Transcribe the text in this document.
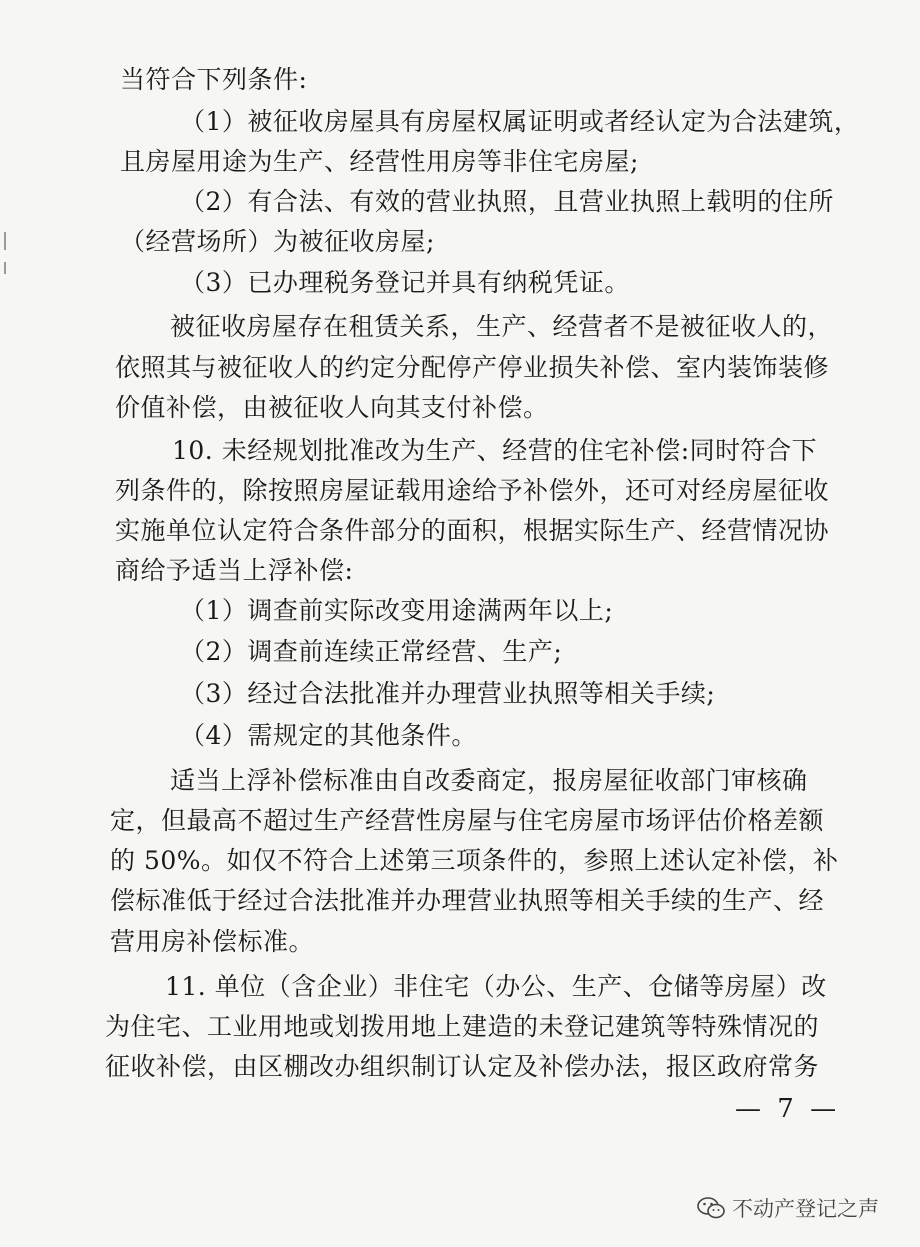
当符合下列条件:
（1）被征收房屋具有房屋权属证明或者经认定为合法建筑，
且房屋用途为生产、经营性用房等非住宅房屋;
（2）有合法、有效的营业执照，且营业执照上载明的住所
（经营场所）为被征收房屋;
（3）已办理税务登记并具有纳税凭证。
被征收房屋存在租赁关系，生产、经营者不是被征收人的，
依照其与被征收人的约定分配停产停业损失补偿、室内装饰装修
价值补偿，由被征收人向其支付补偿。
10. 未经规划批准改为生产、经营的住宅补偿:同时符合下
列条件的，除按照房屋证载用途给予补偿外，还可对经房屋征收
实施单位认定符合条件部分的面积，根据实际生产、经营情况协
商给予适当上浮补偿:
（1）调查前实际改变用途满两年以上;
（2）调查前连续正常经营、生产;
（3）经过合法批准并办理营业执照等相关手续;
（4）需规定的其他条件。
适当上浮补偿标准由自改委商定，报房屋征收部门审核确
定，但最高不超过生产经营性房屋与住宅房屋市场评估价格差额
的 50%。如仅不符合上述第三项条件的，参照上述认定补偿，补
偿标准低于经过合法批准并办理营业执照等相关手续的生产、经
营用房补偿标准。
11. 单位（含企业）非住宅（办公、生产、仓储等房屋）改
为住宅、工业用地或划拨用地上建造的未登记建筑等特殊情况的
征收补偿，由区棚改办组织制订认定及补偿办法，报区政府常务
— 7 —
不动产登记之声
